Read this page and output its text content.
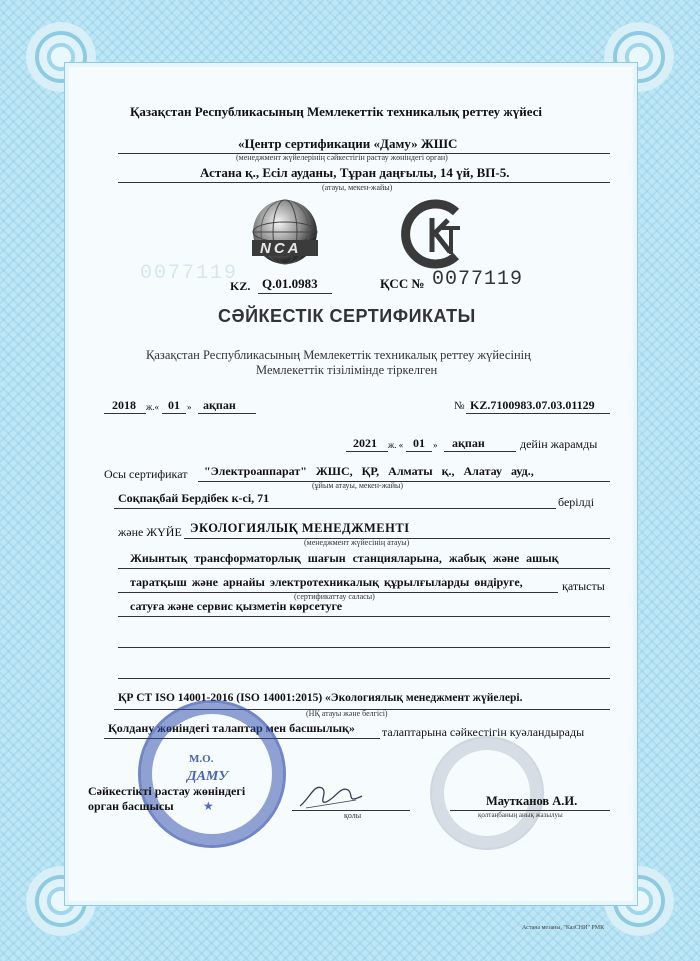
0077119
Қазақстан Республикасының Мемлекеттік техникалық реттеу жүйесі
«Центр сертификации «Даму» ЖШС
(менеджмент жүйелерінің сәйкестігін растау жөніндегі орган)
Астана қ., Есіл ауданы, Тұран даңғылы, 14 үй, ВП-5.
(атауы, мекен-жайы)
NCA
KZ. Q.01.0983	ҚСС № 0077119
СӘЙКЕСТІК СЕРТИФИКАТЫ
Қазақстан Республикасының Мемлекеттік техникалық реттеу жүйесінің
Мемлекеттік тізілімінде тіркелген
2018 ж.« 01 » ақпан	№ KZ.7100983.07.03.01129
2021 ж. « 01 » ақпан	дейін жарамды
Осы сертификат "Электроаппарат" ЖШС, ҚР, Алматы қ., Алатау ауд.,
(ұйым атауы, мекен-жайы)
Соқпақбай Бердібек к-сі, 71	берілді
және ЖҮЙЕ ЭКОЛОГИЯЛЫҚ МЕНЕДЖМЕНТІ
(менеджмент жүйесінің атауы)
Жиынтық трансформаторлық шағын станцияларына, жабық және ашық
таратқыш және арнайы электротехникалық құрылғыларды өндіруге,
(сертификаттау саласы)
қатысты
сатуға және сервис қызметін көрсетуге
ҚР СТ ISO 14001-2016 (ISO 14001:2015) «Экологиялық менеджмент жүйелері.
(НҚ атауы және белгісі)
Қолдану жөніндегі талаптар мен басшылық» талаптарына сәйкестігін куәландырады
М.О.
ДАМУ
★
Сәйкестікті растау жөніндегі
орган басшысы
қолы
Мауткaнов А.И.
қолтаңбаның анық жазылуы
Астана мезаны, "КазСНИ" РМК
